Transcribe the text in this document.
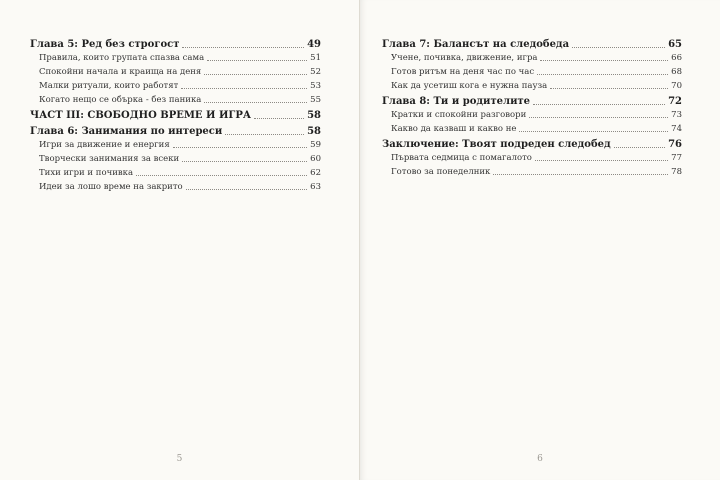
Глава 5: Ред без строгост	49
Правила, които групата спазва сама	51
Спокойни начала и краища на деня	52
Малки ритуали, които работят	53
Когато нещо се обърка - без паника	55
ЧАСТ III: СВОБОДНО ВРЕМЕ И ИГРА	58
Глава 6: Занимания по интереси	58
Игри за движение и енергия	59
Творчески занимания за всеки	60
Тихи игри и почивка	62
Идеи за лошо време на закрито	63
5
Глава 7: Балансът на следобеда	65
Учене, почивка, движение, игра	66
Готов ритъм на деня час по час	68
Как да усетиш кога е нужна пауза	70
Глава 8: Ти и родителите	72
Кратки и спокойни разговори	73
Какво да казваш и какво не	74
Заключение: Твоят подреден следобед	76
Първата седмица с помагалото	77
Готово за понеделник	78
6
